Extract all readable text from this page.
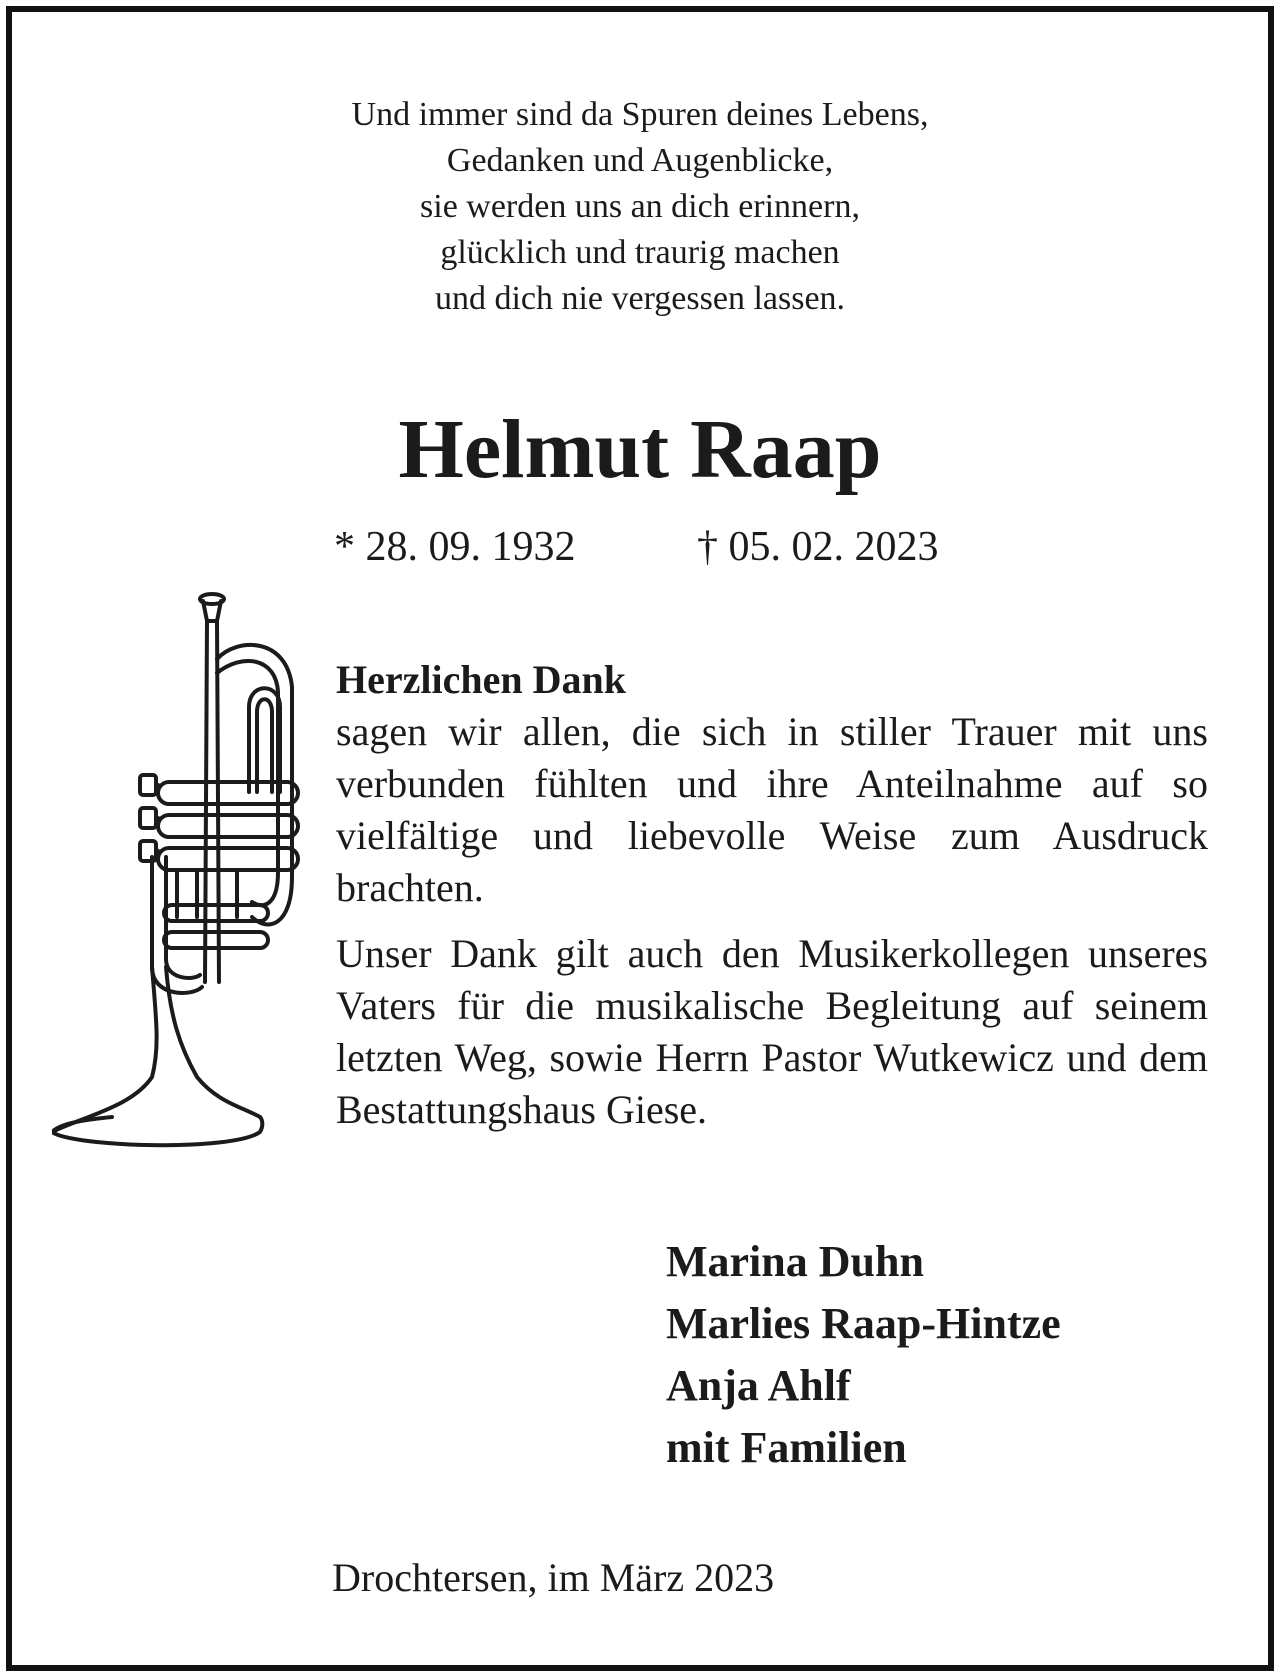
Und immer sind da Spuren deines Lebens,
Gedanken und Augenblicke,
sie werden uns an dich erinnern,
glücklich und traurig machen
und dich nie vergessen lassen.
Helmut Raap
* 28. 09. 1932	† 05. 02. 2023

Herzlichen Dank
sagen wir allen, die sich in stiller Trauer mit uns verbunden fühlten und ihre Anteilnahme auf so vielfältige und liebevolle Weise zum Ausdruck brachten.

Unser Dank gilt auch den Musikerkollegen unseres Vaters für die musikalische Begleitung auf seinem letzten Weg, sowie Herrn Pastor Wutkewicz und dem Bestattungshaus Giese.

Marina Duhn
Marlies Raap-Hintze
Anja Ahlf
mit Familien
Drochtersen, im März 2023
